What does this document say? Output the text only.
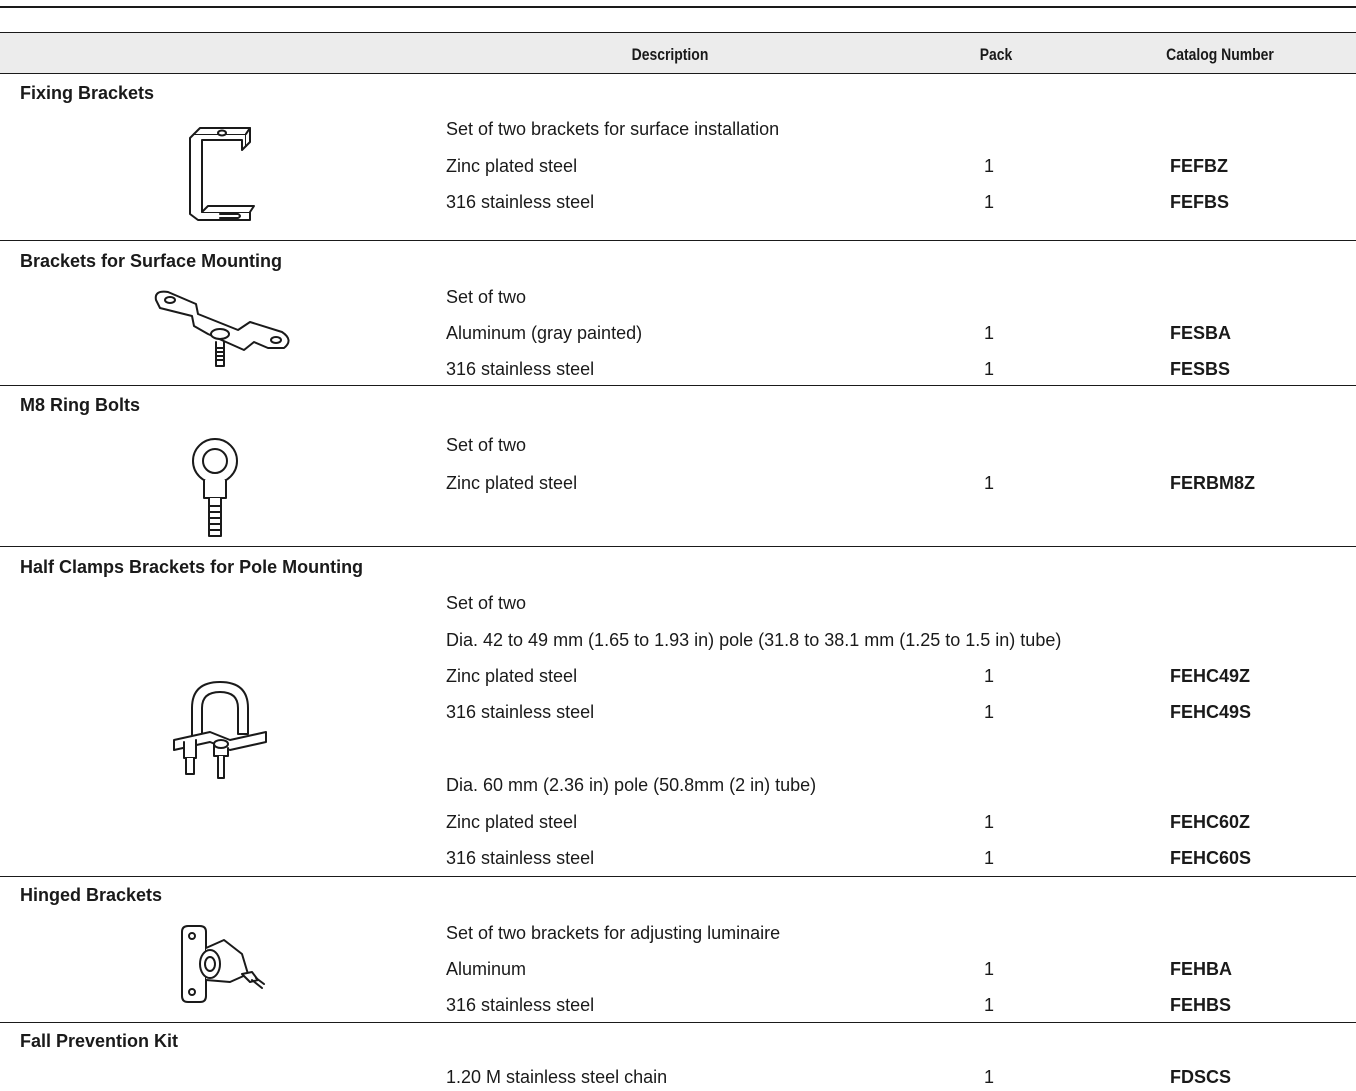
Description	Pack	Catalog Number
Fixing Brackets
Set of two brackets for surface installation
Zinc plated steel	1	FEFBZ
316 stainless steel	1	FEFBS
Brackets for Surface Mounting
Set of two
Aluminum (gray painted)	1	FESBA
316 stainless steel	1	FESBS
M8 Ring Bolts
Set of two
Zinc plated steel	1	FERBM8Z
Half Clamps Brackets for Pole Mounting
Set of two
Dia. 42 to 49 mm (1.65 to 1.93 in) pole (31.8 to 38.1 mm (1.25 to 1.5 in) tube)
Zinc plated steel	1	FEHC49Z
316 stainless steel	1	FEHC49S
Dia. 60 mm (2.36 in) pole (50.8mm (2 in) tube)
Zinc plated steel	1	FEHC60Z
316 stainless steel	1	FEHC60S
Hinged Brackets
Set of two brackets for adjusting luminaire
Aluminum	1	FEHBA
316 stainless steel	1	FEHBS
Fall Prevention Kit
1.20 M stainless steel chain	1	FDSCS
